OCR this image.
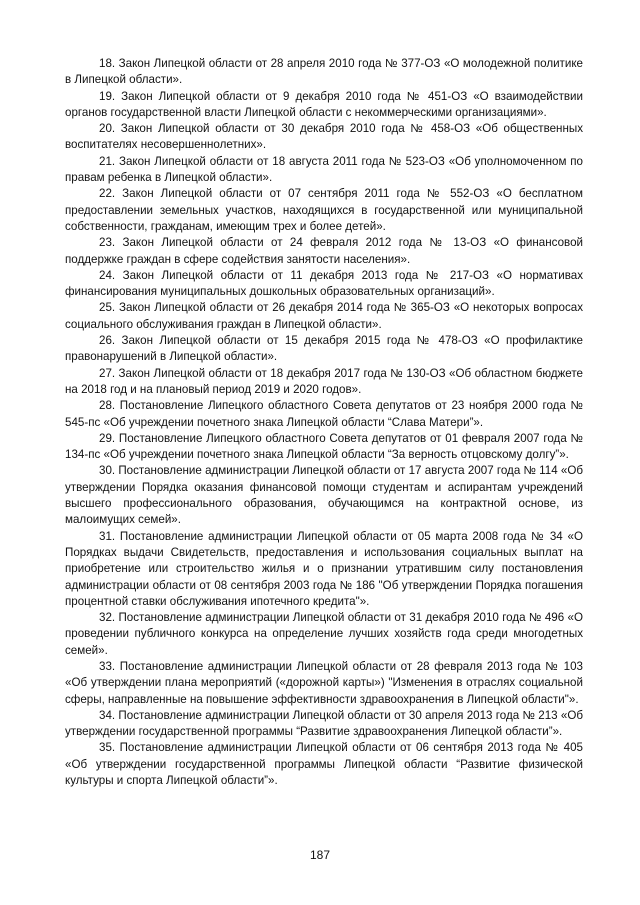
18. Закон Липецкой области от 28 апреля 2010 года № 377-ОЗ «О молодежной политике в Липецкой области».

19. Закон Липецкой области от 9 декабря 2010 года № 451-ОЗ «О взаимодействии органов государственной власти Липецкой области с некоммерческими организациями».

20. Закон Липецкой области от 30 декабря 2010 года № 458-ОЗ «Об общественных воспитателях несовершеннолетних».

21. Закон Липецкой области от 18 августа 2011 года № 523-ОЗ «Об уполномоченном по правам ребенка в Липецкой области».

22. Закон Липецкой области от 07 сентября 2011 года № 552-ОЗ «О бесплатном предоставлении земельных участков, находящихся в государственной или муниципальной собственности, гражданам, имеющим трех и более детей».

23. Закон Липецкой области от 24 февраля 2012 года № 13-ОЗ «О финансовой поддержке граждан в сфере содействия занятости населения».

24. Закон Липецкой области от 11 декабря 2013 года № 217-ОЗ «О нормативах финансирования муниципальных дошкольных образовательных организаций».

25. Закон Липецкой области от 26 декабря 2014 года № 365-ОЗ «О некоторых вопросах социального обслуживания граждан в Липецкой области».

26. Закон Липецкой области от 15 декабря 2015 года № 478-ОЗ «О профилактике правонарушений в Липецкой области».

27. Закон Липецкой области от 18 декабря 2017 года № 130-ОЗ «Об областном бюджете на 2018 год и на плановый период 2019 и 2020 годов».

28. Постановление Липецкого областного Совета депутатов от 23 ноября 2000 года № 545-пс «Об учреждении почетного знака Липецкой области “Слава Матери”».

29. Постановление Липецкого областного Совета депутатов от 01 февраля 2007 года № 134-пс «Об учреждении почетного знака Липецкой области “За верность отцовскому долгу”».

30. Постановление администрации Липецкой области от 17 августа 2007 года № 114 «Об утверждении Порядка оказания финансовой помощи студентам и аспирантам учреждений высшего профессионального образования, обучающимся на контрактной основе, из малоимущих семей».

31. Постановление администрации Липецкой области от 05 марта 2008 года № 34 «О Порядках выдачи Свидетельств, предоставления и использования социальных выплат на приобретение или строительство жилья и о признании утратившим силу постановления администрации области от 08 сентября 2003 года № 186 "Об утверждении Порядка погашения процентной ставки обслуживания ипотечного кредита"».

32. Постановление администрации Липецкой области от 31 декабря 2010 года № 496 «О проведении публичного конкурса на определение лучших хозяйств года среди многодетных семей».

33. Постановление администрации Липецкой области от 28 февраля 2013 года № 103 «Об утверждении плана мероприятий («дорожной карты») "Изменения в отраслях социальной сферы, направленные на повышение эффективности здравоохранения в Липецкой области"».

34. Постановление администрации Липецкой области от 30 апреля 2013 года № 213 «Об утверждении государственной программы “Развитие здравоохранения Липецкой области”».

35. Постановление администрации Липецкой области от 06 сентября 2013 года № 405 «Об утверждении государственной программы Липецкой области “Развитие физической культуры и спорта Липецкой области”».

187
